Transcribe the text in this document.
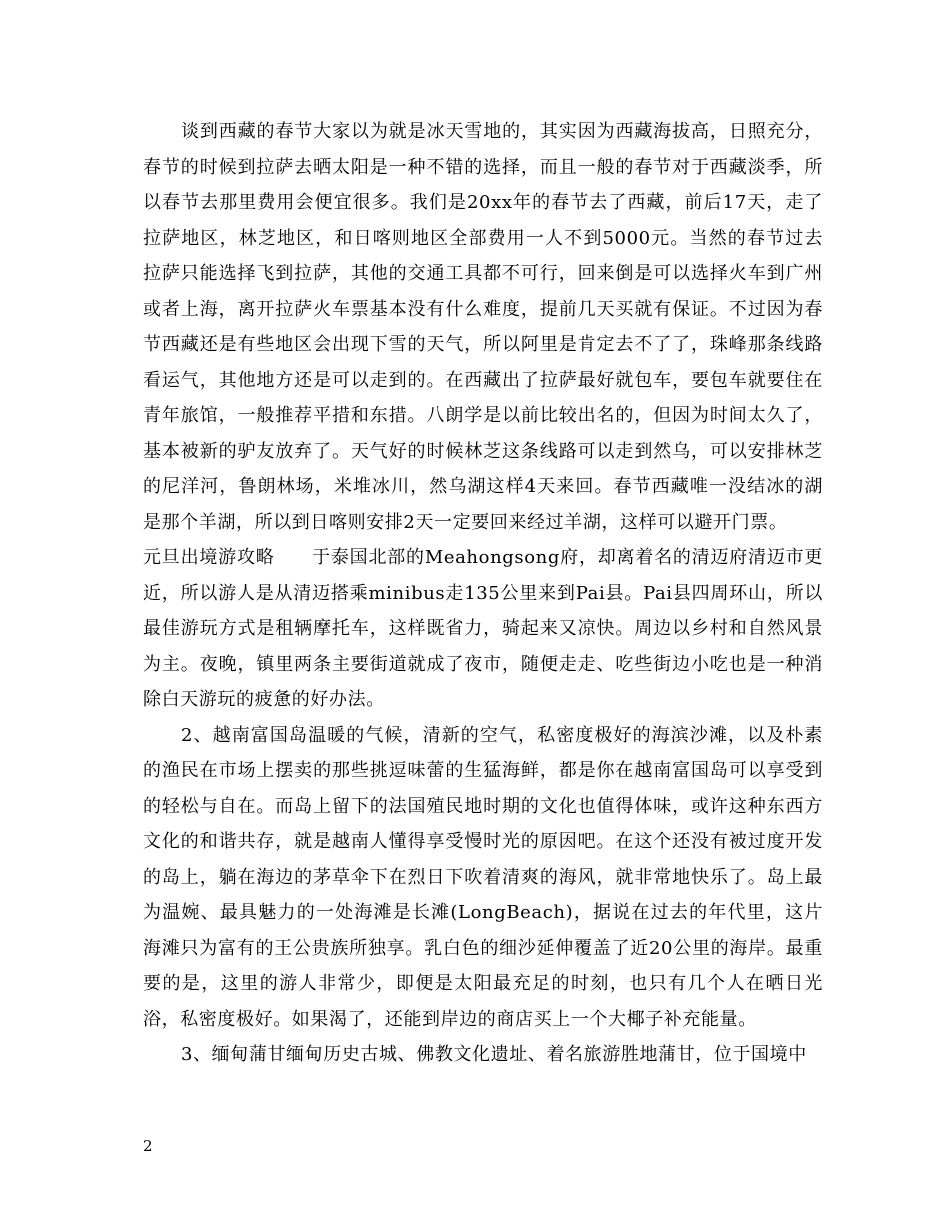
谈到西藏的春节大家以为就是冰天雪地的，其实因为西藏海拔高，日照充分，春节的时候到拉萨去晒太阳是一种不错的选择，而且一般的春节对于西藏淡季，所以春节去那里费用会便宜很多。我们是20xx年的春节去了西藏，前后17天，走了拉萨地区，林芝地区，和日喀则地区全部费用一人不到5000元。当然的春节过去拉萨只能选择飞到拉萨，其他的交通工具都不可行，回来倒是可以选择火车到广州或者上海，离开拉萨火车票基本没有什么难度，提前几天买就有保证。不过因为春节西藏还是有些地区会出现下雪的天气，所以阿里是肯定去不了了，珠峰那条线路看运气，其他地方还是可以走到的。在西藏出了拉萨最好就包车，要包车就要住在青年旅馆，一般推荐平措和东措。八朗学是以前比较出名的，但因为时间太久了，基本被新的驴友放弃了。天气好的时候林芝这条线路可以走到然乌，可以安排林芝的尼洋河，鲁朗林场，米堆冰川，然乌湖这样4天来回。春节西藏唯一没结冰的湖是那个羊湖，所以到日喀则安排2天一定要回来经过羊湖，这样可以避开门票。

元旦出境游攻略　　于泰国北部的Meahongsong府，却离着名的清迈府清迈市更近，所以游人是从清迈搭乘minibus走135公里来到Pai县。Pai县四周环山，所以最佳游玩方式是租辆摩托车，这样既省力，骑起来又凉快。周边以乡村和自然风景为主。夜晚，镇里两条主要街道就成了夜市，随便走走、吃些街边小吃也是一种消除白天游玩的疲惫的好办法。

2、越南富国岛温暖的气候，清新的空气，私密度极好的海滨沙滩，以及朴素的渔民在市场上摆卖的那些挑逗味蕾的生猛海鲜，都是你在越南富国岛可以享受到的轻松与自在。而岛上留下的法国殖民地时期的文化也值得体味，或许这种东西方文化的和谐共存，就是越南人懂得享受慢时光的原因吧。在这个还没有被过度开发的岛上，躺在海边的茅草伞下在烈日下吹着清爽的海风，就非常地快乐了。岛上最为温婉、最具魅力的一处海滩是长滩(LongBeach)，据说在过去的年代里，这片海滩只为富有的王公贵族所独享。乳白色的细沙延伸覆盖了近20公里的海岸。最重要的是，这里的游人非常少，即便是太阳最充足的时刻，也只有几个人在晒日光浴，私密度极好。如果渴了，还能到岸边的商店买上一个大椰子补充能量。

3、缅甸蒲甘缅甸历史古城、佛教文化遗址、着名旅游胜地蒲甘，位于国境中

2
